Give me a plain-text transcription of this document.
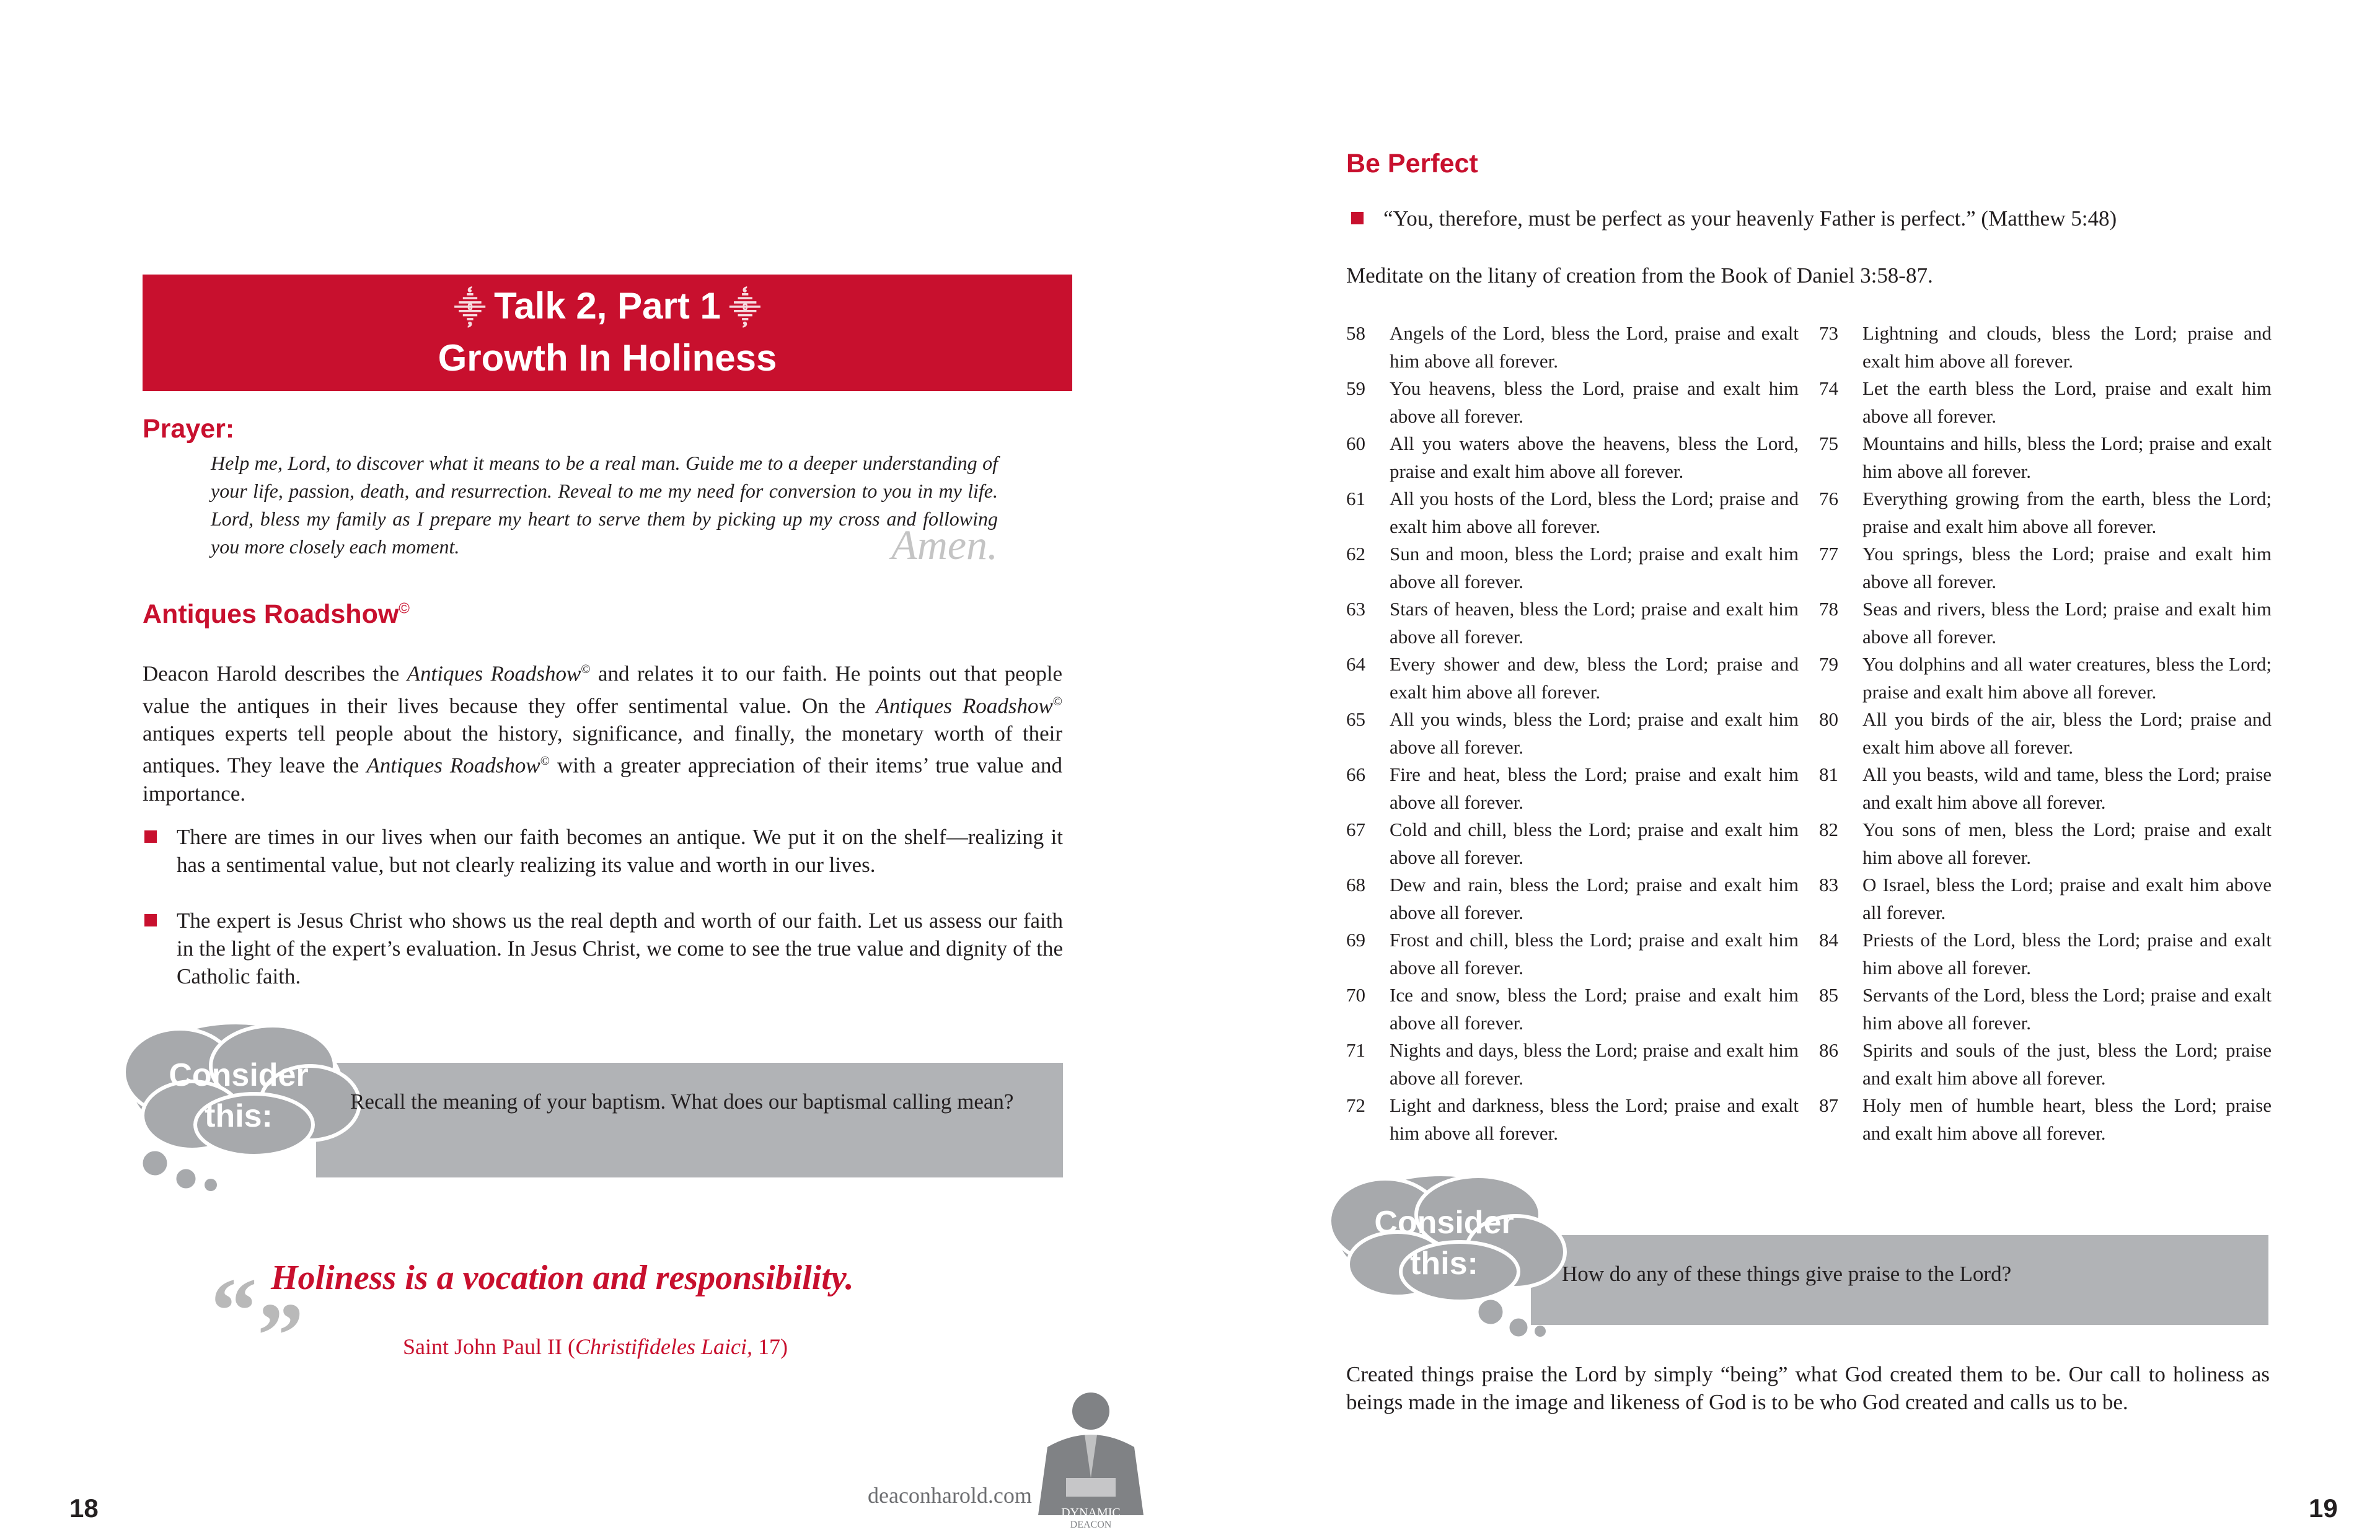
⸎ Talk 2, Part 1 ⸎
Growth In Holiness
Prayer:
Help me, Lord, to discover what it means to be a real man. Guide me to a deeper understanding of your life, passion, death, and resurrection. Reveal to me my need for conversion to you in my life. Lord, bless my family as I prepare my heart to serve them by picking up my cross and following you more closely each moment.	Amen.
Antiques Roadshow©
Deacon Harold describes the Antiques Roadshow© and relates it to our faith. He points out that people value the antiques in their lives because they offer sentimental value. On the Antiques Roadshow© antiques experts tell people about the history, significance, and finally, the monetary worth of their antiques. They leave the Antiques Roadshow© with a greater appreciation of their items’ true value and importance.
There are times in our lives when our faith becomes an antique. We put it on the shelf—realizing it has a sentimental value, but not clearly realizing its value and worth in our lives.
The expert is Jesus Christ who shows us the real depth and worth of our faith. Let us assess our faith in the light of the expert’s evaluation. In Jesus Christ, we come to see the true value and dignity of the Catholic faith.
Consider
this:	Recall the meaning of your baptism. What does our baptismal calling mean?
“”
Holiness is a vocation and responsibility.
Saint John Paul II (Christifideles Laici, 17)
18	deaconharold.com
DYNAMIC
DEACON
Be Perfect
“You, therefore, must be perfect as your heavenly Father is perfect.” (Matthew 5:48)
Meditate on the litany of creation from the Book of Daniel 3:58-87.
58	Angels of the Lord, bless the Lord, praise and exalt him above all forever.
59	You heavens, bless the Lord, praise and exalt him above all forever.
60	All you waters above the heavens, bless the Lord, praise and exalt him above all forever.
61	All you hosts of the Lord, bless the Lord; praise and exalt him above all forever.
62	Sun and moon, bless the Lord; praise and exalt him above all forever.
63	Stars of heaven, bless the Lord; praise and exalt him above all forever.
64	Every shower and dew, bless the Lord; praise and exalt him above all forever.
65	All you winds, bless the Lord; praise and exalt him above all forever.
66	Fire and heat, bless the Lord; praise and exalt him above all forever.
67	Cold and chill, bless the Lord; praise and exalt him above all forever.
68	Dew and rain, bless the Lord; praise and exalt him above all forever.
69	Frost and chill, bless the Lord; praise and exalt him above all forever.
70	Ice and snow, bless the Lord; praise and exalt him above all forever.
71	Nights and days, bless the Lord; praise and exalt him above all forever.
72	Light and darkness, bless the Lord; praise and exalt him above all forever.
73	Lightning and clouds, bless the Lord; praise and exalt him above all forever.
74	Let the earth bless the Lord, praise and exalt him above all forever.
75	Mountains and hills, bless the Lord; praise and exalt him above all forever.
76	Everything growing from the earth, bless the Lord; praise and exalt him above all forever.
77	You springs, bless the Lord; praise and exalt him above all forever.
78	Seas and rivers, bless the Lord; praise and exalt him above all forever.
79	You dolphins and all water creatures, bless the Lord; praise and exalt him above all forever.
80	All you birds of the air, bless the Lord; praise and exalt him above all forever.
81	All you beasts, wild and tame, bless the Lord; praise and exalt him above all forever.
82	You sons of men, bless the Lord; praise and exalt him above all forever.
83	O Israel, bless the Lord; praise and exalt him above all forever.
84	Priests of the Lord, bless the Lord; praise and exalt him above all forever.
85	Servants of the Lord, bless the Lord; praise and exalt him above all forever.
86	Spirits and souls of the just, bless the Lord; praise and exalt him above all forever.
87	Holy men of humble heart, bless the Lord; praise and exalt him above all forever.
Consider
this:	How do any of these things give praise to the Lord?
Created things praise the Lord by simply “being” what God created them to be. Our call to holiness as beings made in the image and likeness of God is to be who God created and calls us to be.
19
